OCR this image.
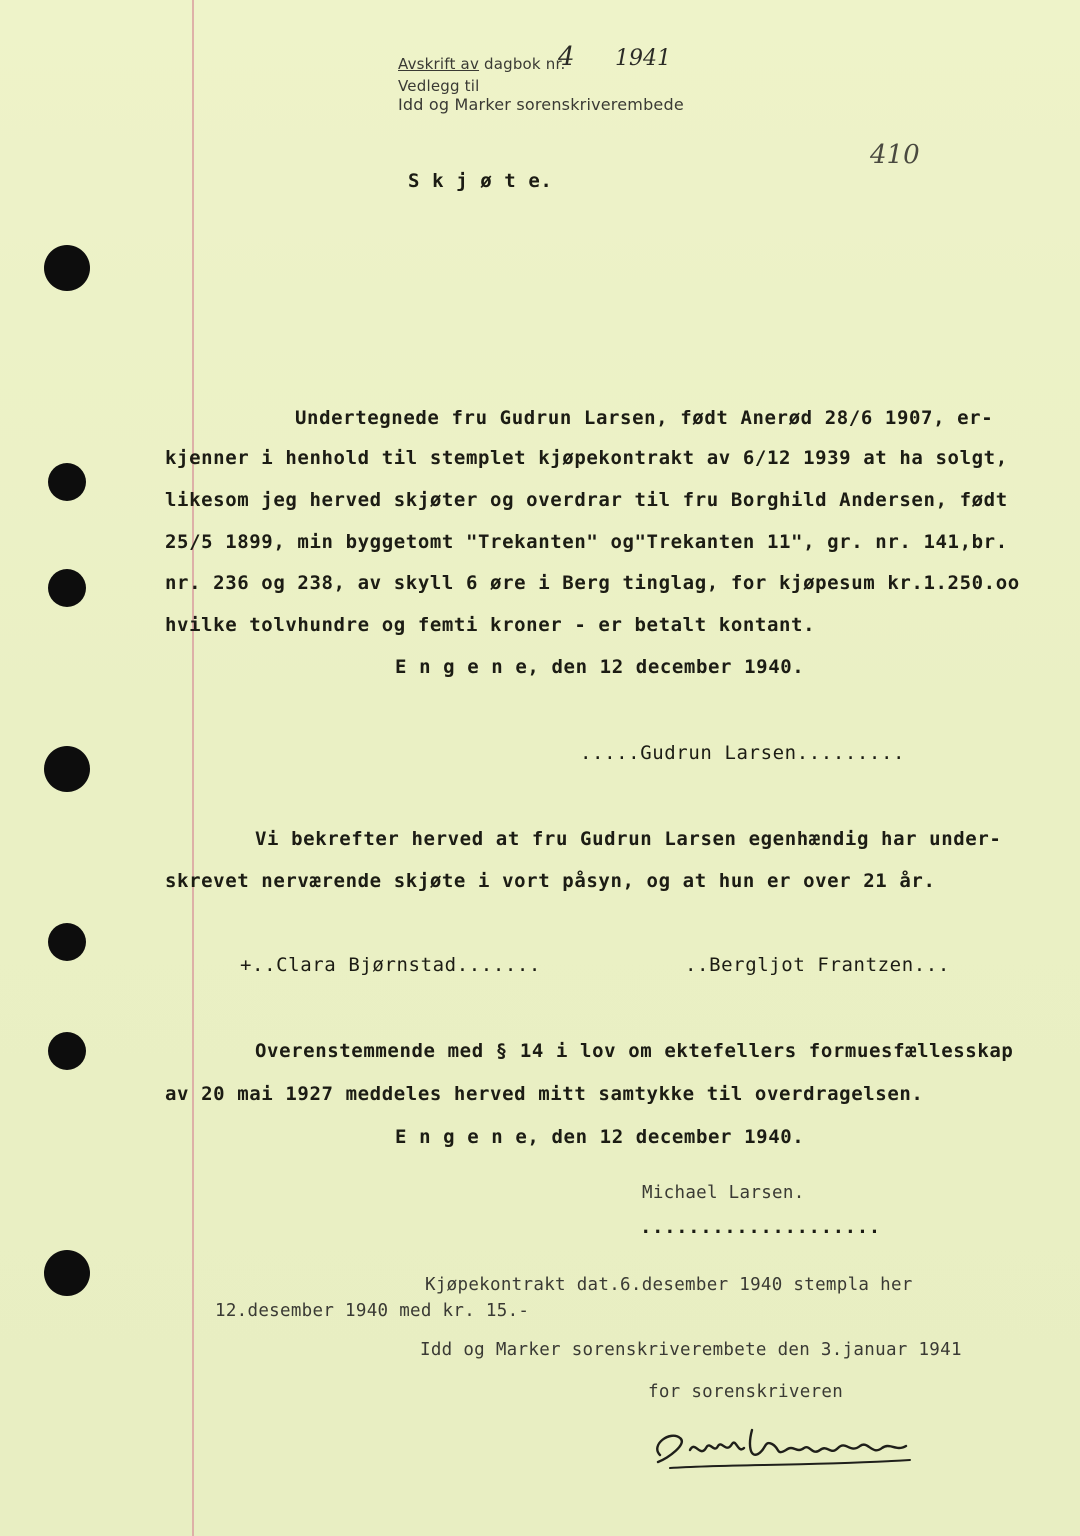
Avskrift av dagbok nr.
4 1941
Vedlegg til
Idd og Marker sorenskriverembede
410
S k j ø t e.
Undertegnede fru Gudrun Larsen, født Anerød 28/6 1907, er-
kjenner i henhold til stemplet kjøpekontrakt av 6/12 1939 at ha solgt,
likesom jeg herved skjøter og overdrar til fru Borghild Andersen, født
25/5 1899, min byggetomt "Trekanten" og"Trekanten 11", gr. nr. 141,br.
nr. 236 og 238, av skyll 6 øre i Berg tinglag, for kjøpesum kr.1.250.oo
hvilke tolvhundre og femti kroner - er betalt kontant.
E n g e n e, den 12 december 1940.
.....Gudrun Larsen.........
Vi bekrefter herved at fru Gudrun Larsen egenhændig har under-
skrevet nerværende skjøte i vort påsyn, og at hun er over 21 år.
+..Clara Bjørnstad.......	..Bergljot Frantzen...
Overenstemmende med § 14 i lov om ektefellers formuesfællesskap
av 20 mai 1927 meddeles herved mitt samtykke til overdragelsen.
E n g e n e, den 12 december 1940.
Michael Larsen.
....................
Kjøpekontrakt dat.6.desember 1940 stempla her
12.desember 1940 med kr. 15.-
Idd og Marker sorenskriverembete den 3.januar 1941
for sorenskriveren
